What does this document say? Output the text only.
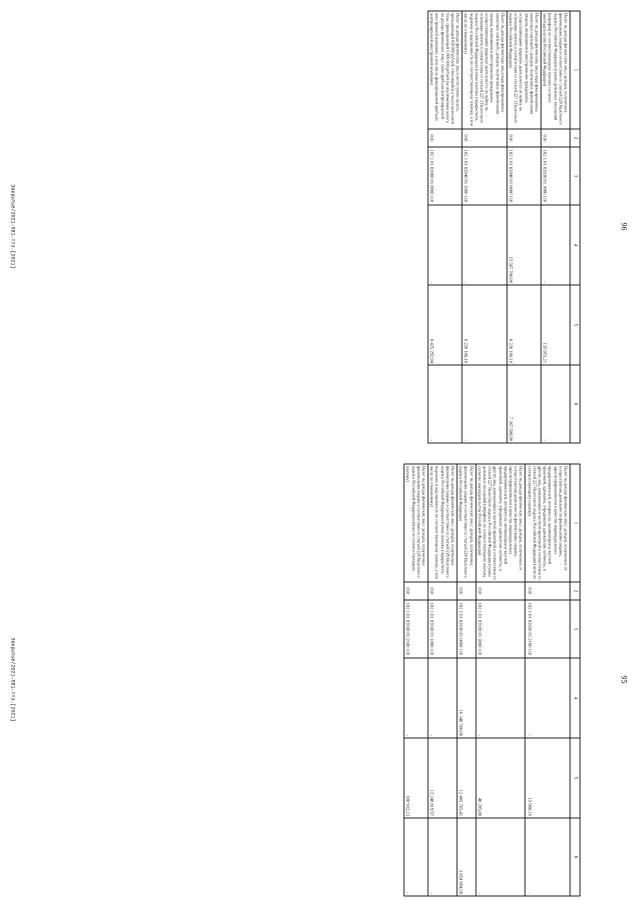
96
1	2	3	4	5	6
Налог на доходы физических лиц с доходов, полученных физическими лицами в соответствии со статьей 228 Налогового кодекса Российской Федерации (суммы денежных взысканий (штрафов) по соответствующему платежу согласно законодательству Российской Федерации)	010	182 1 01 02030 01 3000 110	-	135 953,21	-
Налог на доходы физических лиц в виде фиксированных авансовых платежей с доходов, полученных физическими лицами, являющимися иностранными гражданами, осуществляющими трудовую деятельность по найму на основании патента в соответствии со статьей 227.1 Налогового кодекса Российской Федерации	010	182 1 01 02040 01 0000 110	15 587 700,00	8 220 100,10	7 367 599,90
Налог на доходы физических лиц в виде фиксированных авансовых платежей с доходов, полученных физическими лицами, являющимися иностранными гражданами, осуществляющими трудовую деятельность по найму на основании патента в соответствии со статьей 227.1 Налогового кодекса Российской Федерации (сумма платежа (перерасчеты, недоимка и задолженность по соответствующему платежу, в том числе по отмененному)	010	182 1 01 02040 01 1000 110	-	8 220 100,10	-
Налог на доходы физических лиц в части суммы налога, превышающей 650 000 рублей, относящейся к части налоговой базы, превышающей 5 000 000 рублей (за исключением налога на доходы физических лиц с сумм прибыли контролируемой иностранной компании, в том числе фиксированной прибыли контролируемой иностранной компании)	010	182 1 01 02080 01 0000 110	-	8 425 292,94	-
Закрытые/2021-581-ттэ.[2021]
95
1	2	3	4	5	6
Налог на доходы физических лиц с доходов, полученных от осуществления деятельности физическими лицами, зарегистрированными в качестве индивидуальных предпринимателей, нотариусов, занимающихся частной практикой, адвокатов, учредивших адвокатские кабинеты, и других лиц, занимающихся частной практикой в соответствии со статьей 227 Налогового кодекса Российской Федерации (пени по соответствующему платежу)	010	182 1 01 02020 01 2100 110	-	15 988,16	-
Налог на доходы физических лиц с доходов, полученных от осуществления деятельности физическими лицами, зарегистрированными в качестве индивидуальных предпринимателей, нотариусов, занимающихся частной практикой, адвокатов, учредивших адвокатские кабинеты, и других лиц, занимающихся частной практикой в соответствии со статьей 227 Налогового кодекса Российской Федерации (суммы денежных взысканий (штрафов) по соответствующему платежу согласно законодательству Российской Федерации)	010	182 1 01 02020 01 3000 110	-	48 285,80	-
Налог на доходы физических лиц с доходов, полученных физическими лицами в соответствии со статьей 228 Налогового кодекса Российской Федерации	010	182 1 01 02030 01 0000 110	16 340 700,00	12 485 705,41	3 854 994,59
Налог на доходы физических лиц с доходов, полученных физическими лицами в соответствии со статьей 228 Налогового кодекса Российской Федерации (сумма платежа (перерасчеты, недоимка и задолженность по соответствующему платежу, в том числе по отмененному)	010	182 1 01 02030 01 1000 110	-	12 248 819,97	-
Налог на доходы физических лиц с доходов, полученных физическими лицами в соответствии со статьей 228 Налогового кодекса Российской Федерации (пени по соответствующему платежу)	010	182 1 01 02030 01 2100 110	-	100 932,23	-
Закрытые/2021-581-ттэ.[2021]
